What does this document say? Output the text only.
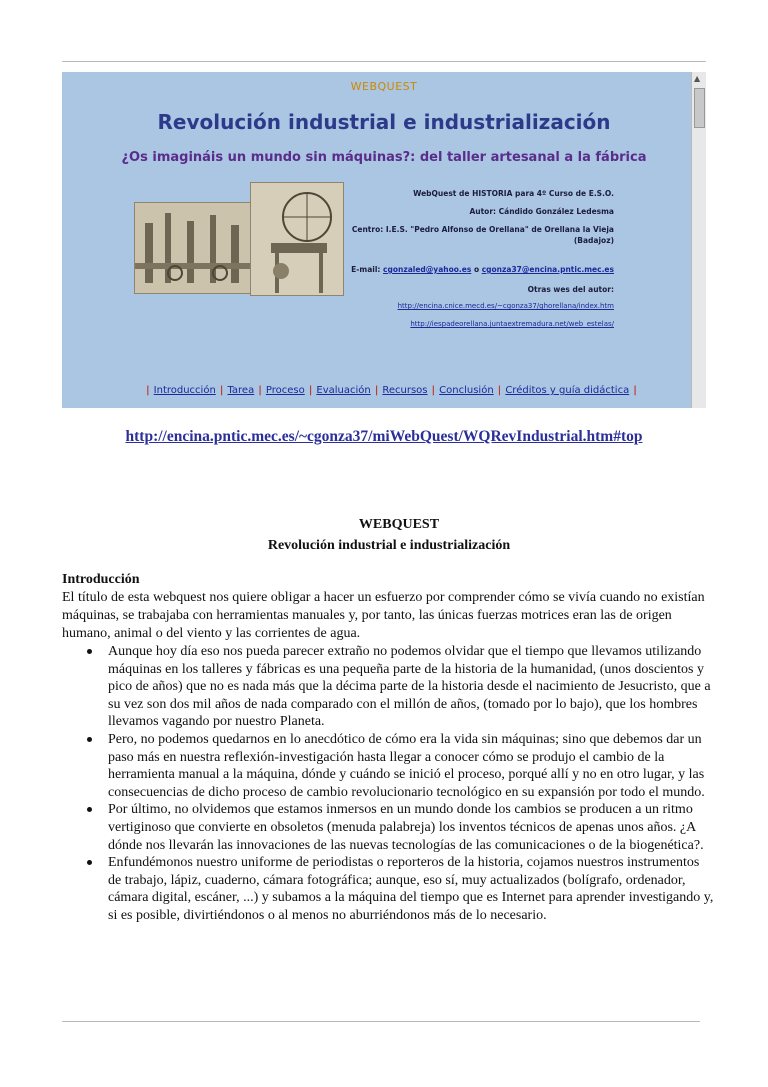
WEBQUEST
Revolución industrial e industrialización
¿Os imagináis un mundo sin máquinas?: del taller artesanal a la fábrica
WebQuest de HISTORIA para 4º Curso de E.S.O.
Autor: Cándido González Ledesma
Centro: I.E.S. "Pedro Alfonso de Orellana" de Orellana la Vieja (Badajoz)
E-mail: cgonzaled@yahoo.es o cgonza37@encina.pntic.mec.es
Otras wes del autor:
http://encina.cnice.mecd.es/~cgonza37/ghorellana/index.htm
http://iespadeorellana.juntaextremadura.net/web_estelas/
| Introducción | Tarea | Proceso | Evaluación | Recursos | Conclusión | Créditos y guía didáctica |
▲
http://encina.pntic.mec.es/~cgonza37/miWebQuest/WQRevIndustrial.htm#top
WEBQUEST
Revolución industrial e industrialización
Introducción
El título de esta webquest nos quiere obligar a hacer un esfuerzo por comprender cómo se vivía cuando no existían máquinas, se trabajaba con herramientas manuales y, por tanto, las únicas fuerzas motrices eran las de origen humano, animal o del viento y las corrientes de agua.
Aunque hoy día eso nos pueda parecer extraño no podemos olvidar que el tiempo que llevamos utilizando máquinas en los talleres y fábricas es una pequeña parte de la historia de la humanidad, (unos doscientos y pico de años) que no es nada más que la décima parte de la historia desde el nacimiento de Jesucristo, que a su vez son dos mil años de nada comparado con el millón de años, (tomado por lo bajo), que los hombres llevamos vagando por nuestro Planeta.
Pero, no podemos quedarnos en lo anecdótico de cómo era la vida sin máquinas; sino que debemos dar un paso más en nuestra reflexión-investigación hasta llegar a conocer cómo se produjo el cambio de la herramienta manual a la máquina, dónde y cuándo se inició el proceso, porqué allí y no en otro lugar, y las consecuencias de dicho proceso de cambio revolucionario tecnológico en su expansión por todo el mundo.
Por último, no olvidemos que estamos inmersos en un mundo donde los cambios se producen a un ritmo vertiginoso que convierte en obsoletos (menuda palabreja) los inventos técnicos de apenas unos años. ¿A dónde nos llevarán las innovaciones de las nuevas tecnologías de las comunicaciones o de la biogenética?.
Enfundémonos nuestro uniforme de periodistas o reporteros de la historia, cojamos nuestros instrumentos de trabajo, lápiz, cuaderno, cámara fotográfica; aunque, eso sí, muy actualizados (bolígrafo, ordenador, cámara digital, escáner, ...) y subamos a la máquina del tiempo que es Internet para aprender investigando y, si es posible, divirtiéndonos o al menos no aburriéndonos más de lo necesario.
